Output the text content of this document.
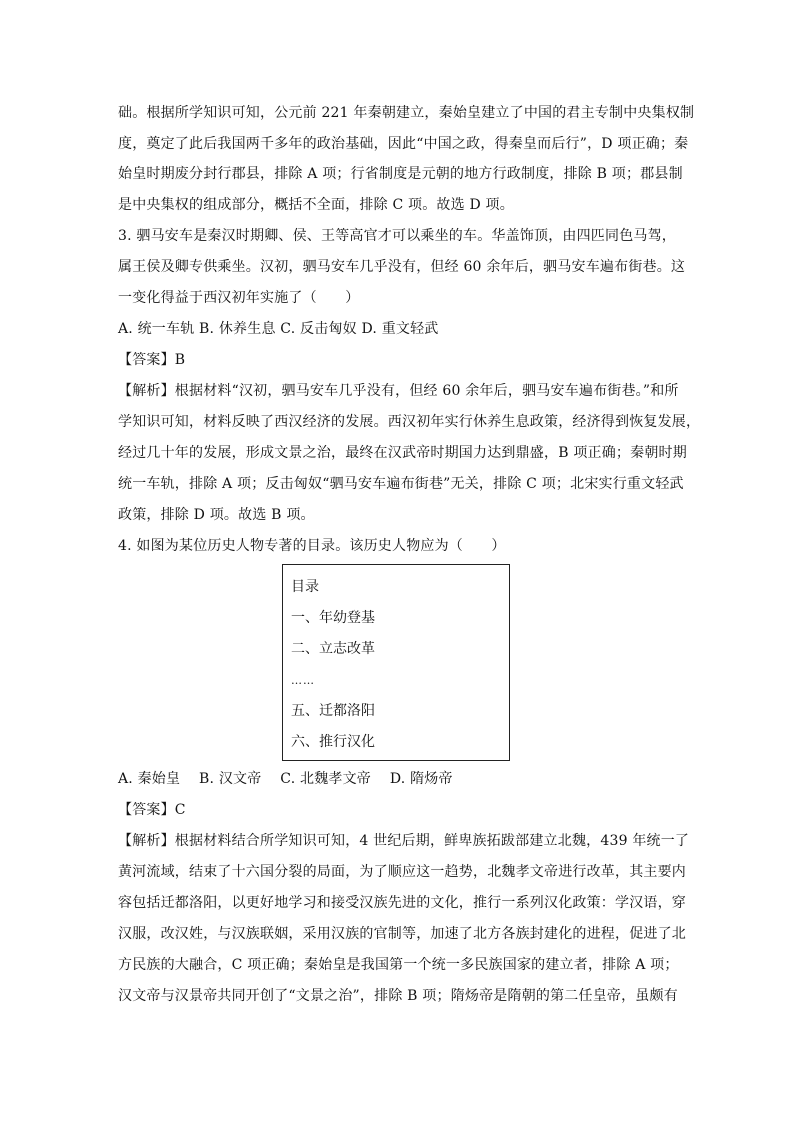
础。根据所学知识可知，公元前 221 年秦朝建立，秦始皇建立了中国的君主专制中央集权制
度，奠定了此后我国两千多年的政治基础，因此“中国之政，得秦皇而后行”，D 项正确；秦
始皇时期废分封行郡县，排除 A 项；行省制度是元朝的地方行政制度，排除 B 项；郡县制
是中央集权的组成部分，概括不全面，排除 C 项。故选 D 项。
3. 驷马安车是秦汉时期卿、侯、王等高官才可以乘坐的车。华盖饰顶，由四匹同色马驾，
属王侯及卿专供乘坐。汉初，驷马安车几乎没有，但经 60 余年后，驷马安车遍布街巷。这
一变化得益于西汉初年实施了（　　）
A. 统一车轨 B. 休养生息 C. 反击匈奴 D. 重文轻武
【答案】B
【解析】根据材料“汉初，驷马安车几乎没有，但经 60 余年后，驷马安车遍布街巷。”和所
学知识可知，材料反映了西汉经济的发展。西汉初年实行休养生息政策，经济得到恢复发展，
经过几十年的发展，形成文景之治，最终在汉武帝时期国力达到鼎盛，B 项正确；秦朝时期
统一车轨，排除 A 项；反击匈奴“驷马安车遍布街巷”无关，排除 C 项；北宋实行重文轻武
政策，排除 D 项。故选 B 项。
4. 如图为某位历史人物专著的目录。该历史人物应为（　　）
目录
一、年幼登基
二、立志改革
……
五、迁都洛阳
六、推行汉化
A. 秦始皇　 B. 汉文帝　 C. 北魏孝文帝　 D. 隋炀帝
【答案】C
【解析】根据材料结合所学知识可知，4 世纪后期，鲜卑族拓跋部建立北魏，439 年统一了
黄河流域，结束了十六国分裂的局面，为了顺应这一趋势，北魏孝文帝进行改革，其主要内
容包括迁都洛阳，以更好地学习和接受汉族先进的文化，推行一系列汉化政策：学汉语，穿
汉服，改汉姓，与汉族联姻，采用汉族的官制等，加速了北方各族封建化的进程，促进了北
方民族的大融合，C 项正确；秦始皇是我国第一个统一多民族国家的建立者，排除 A 项；
汉文帝与汉景帝共同开创了“文景之治”，排除 B 项；隋炀帝是隋朝的第二任皇帝，虽颇有
